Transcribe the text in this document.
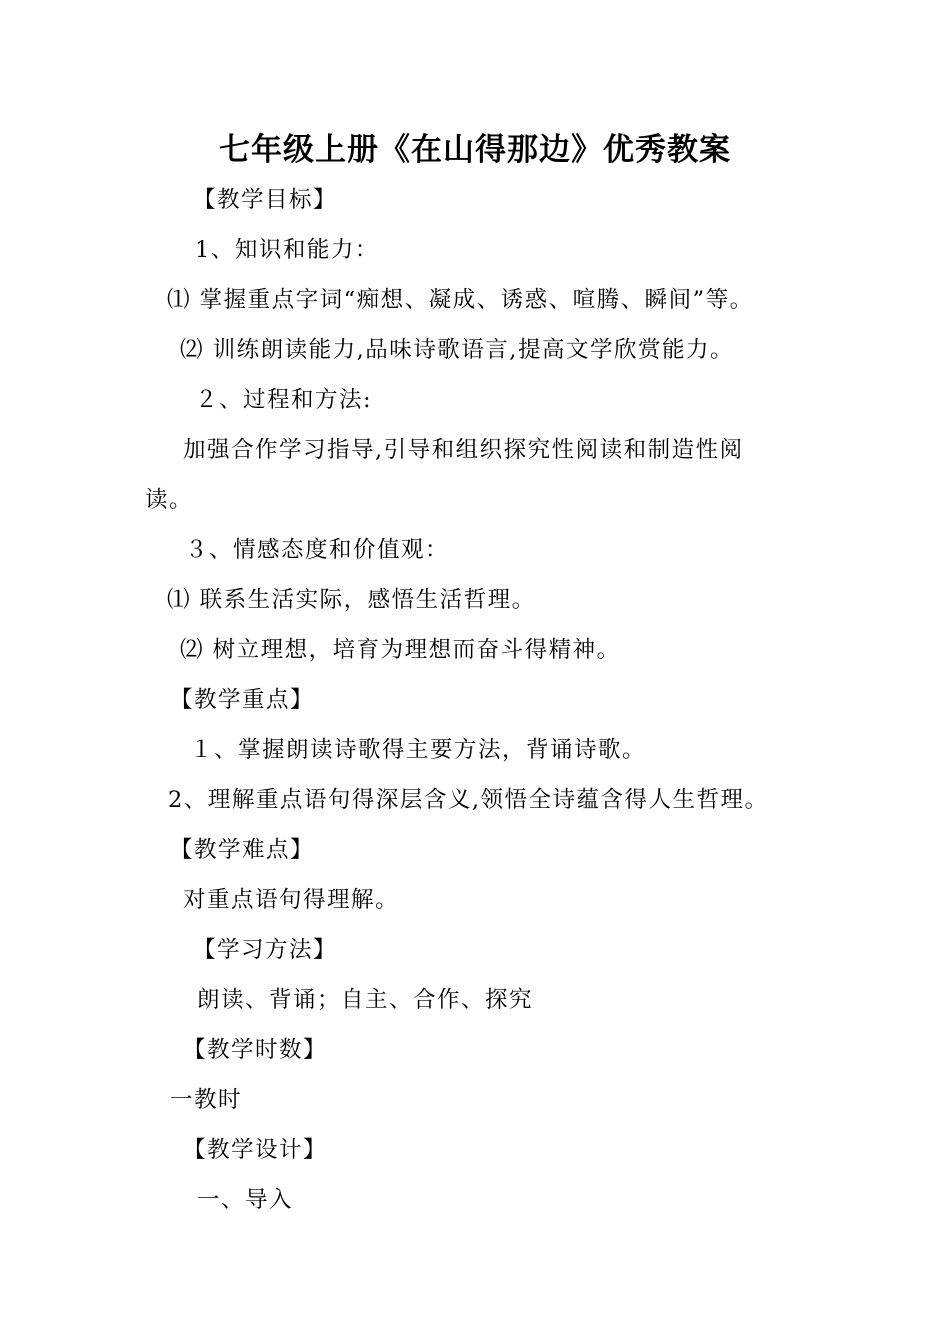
七年级上册《在山得那边》优秀教案
【教学目标】
1、知识和能力：
⑴ 掌握重点字词“痴想、凝成、诱惑、喧腾、瞬间”等。
⑵ 训练朗读能力,品味诗歌语言,提高文学欣赏能力。
２、过程和方法:
加强合作学习指导,引导和组织探究性阅读和制造性阅
读。
３、情感态度和价值观：
⑴ 联系生活实际，感悟生活哲理。
⑵ 树立理想，培育为理想而奋斗得精神。
【教学重点】
１、掌握朗读诗歌得主要方法，背诵诗歌。
2、理解重点语句得深层含义,领悟全诗蕴含得人生哲理。
【教学难点】
对重点语句得理解。
【学习方法】
朗读、背诵；自主、合作、探究
【教学时数】
一教时
【教学设计】
一、导入
